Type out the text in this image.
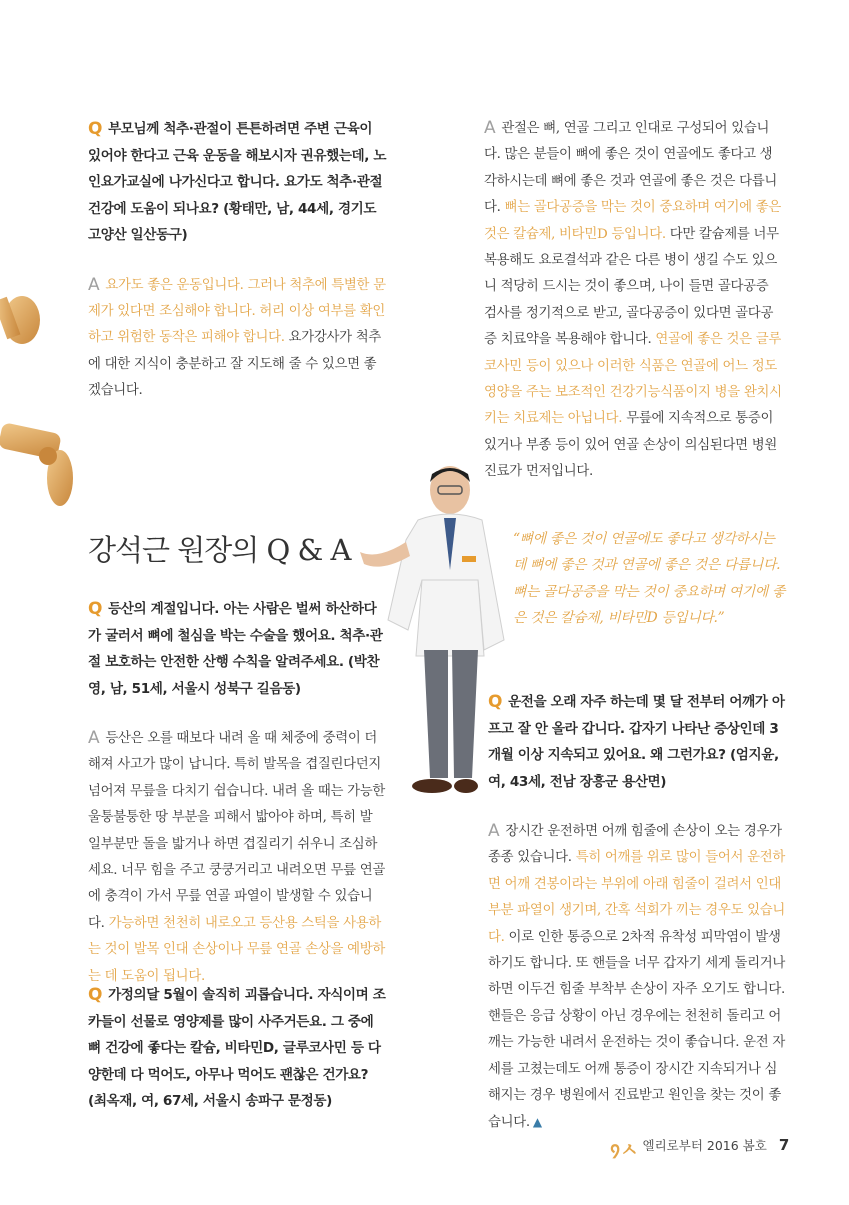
Q 부모님께 척추·관절이 튼튼하려면 주변 근육이 있어야 한다고 근육 운동을 해보시자 권유했는데, 노인요가교실에 나가신다고 합니다. 요가도 척추·관절 건강에 도움이 되나요? (황태만, 남, 44세, 경기도 고양산 일산동구)

A 요가도 좋은 운동입니다. 그러나 척추에 특별한 문제가 있다면 조심해야 합니다. 허리 이상 여부를 확인하고 위험한 동작은 피해야 합니다. 요가강사가 척추에 대한 지식이 충분하고 잘 지도해 줄 수 있으면 좋겠습니다.

강석근 원장의 Q & A

Q 등산의 계절입니다. 아는 사람은 벌써 하산하다가 굴러서 뼈에 철심을 박는 수술을 했어요. 척추·관절 보호하는 안전한 산행 수칙을 알려주세요. (박찬영, 남, 51세, 서울시 성북구 길음동)

A 등산은 오를 때보다 내려 올 때 체중에 중력이 더해져 사고가 많이 납니다. 특히 발목을 겹질린다던지 넘어져 무릎을 다치기 쉽습니다. 내려 올 때는 가능한 울퉁불퉁한 땅 부분을 피해서 밟아야 하며, 특히 발 일부분만 돌을 밟거나 하면 겹질리기 쉬우니 조심하세요. 너무 힘을 주고 쿵쿵거리고 내려오면 무릎 연골에 충격이 가서 무릎 연골 파열이 발생할 수 있습니다. 가능하면 천천히 내로오고 등산용 스틱을 사용하는 것이 발목 인대 손상이나 무릎 연골 손상을 예방하는 데 도움이 됩니다.

Q 가정의달 5월이 솔직히 괴롭습니다. 자식이며 조카들이 선물로 영양제를 많이 사주거든요. 그 중에 뼈 건강에 좋다는 칼슘, 비타민D, 글루코사민 등 다양한데 다 먹어도, 아무나 먹어도 괜찮은 건가요? (최옥재, 여, 67세, 서울시 송파구 문정동)

A 관절은 뼈, 연골 그리고 인대로 구성되어 있습니다. 많은 분들이 뼈에 좋은 것이 연골에도 좋다고 생각하시는데 뼈에 좋은 것과 연골에 좋은 것은 다릅니다. 뼈는 골다공증을 막는 것이 중요하며 여기에 좋은 것은 칼슘제, 비타민D 등입니다. 다만 칼슘제를 너무 복용해도 요로결석과 같은 다른 병이 생길 수도 있으니 적당히 드시는 것이 좋으며, 나이 들면 골다공증 검사를 정기적으로 받고, 골다공증이 있다면 골다공증 치료약을 복용해야 합니다. 연골에 좋은 것은 글루코사민 등이 있으나 이러한 식품은 연골에 어느 정도 영양을 주는 보조적인 건강기능식품이지 병을 완치시키는 치료제는 아닙니다. 무릎에 지속적으로 통증이 있거나 부종 등이 있어 연골 손상이 의심된다면 병원 진료가 먼저입니다.

“뼈에 좋은 것이 연골에도 좋다고 생각하시는데 뼈에 좋은 것과 연골에 좋은 것은 다릅니다. 뼈는 골다공증을 막는 것이 중요하며 여기에 좋은 것은 칼슘제, 비타민D 등입니다.”

Q 운전을 오래 자주 하는데 몇 달 전부터 어깨가 아프고 잘 안 올라 갑니다. 갑자기 나타난 증상인데 3개월 이상 지속되고 있어요. 왜 그런가요? (엄지윤, 여, 43세, 전남 장흥군 용산면)

A 장시간 운전하면 어깨 힘줄에 손상이 오는 경우가 종종 있습니다. 특히 어깨를 위로 많이 들어서 운전하면 어깨 견봉이라는 부위에 아래 힘줄이 걸려서 인대 부분 파열이 생기며, 간혹 석회가 끼는 경우도 있습니다. 이로 인한 통증으로 2차적 유착성 피막염이 발생하기도 합니다. 또 핸들을 너무 갑자기 세게 돌리거나 하면 이두건 힘줄 부착부 손상이 자주 오기도 합니다. 핸들은 응급 상황이 아닌 경우에는 천천히 돌리고 어깨는 가능한 내려서 운전하는 것이 좋습니다. 운전 자세를 고쳤는데도 어깨 통증이 장시간 지속되거나 심해지는 경우 병원에서 진료받고 원인을 찾는 것이 좋습니다. ▲

᠀ㅅ 엘리로부터 2016 봄호 7
